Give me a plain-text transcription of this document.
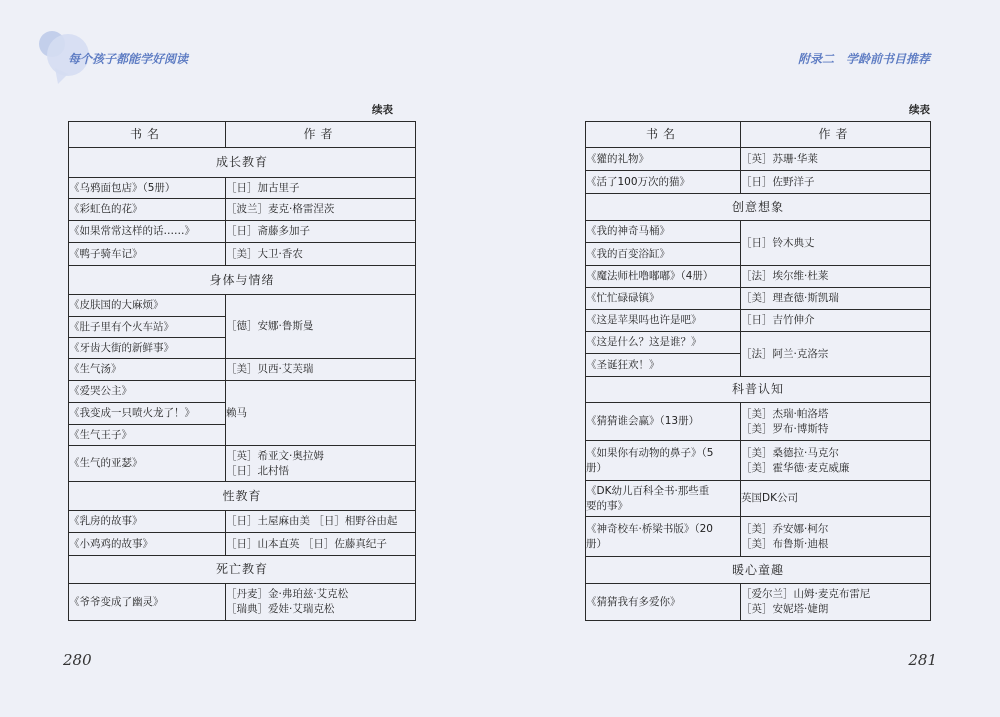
每个孩子都能学好阅读
续表
书名	作者
成长教育	
《乌鸦面包店》（5册）	［日］加古里子
《彩虹色的花》	［波兰］麦克·格雷涅茨
《如果常常这样的话……》	［日］斋藤多加子
《鸭子骑车记》	［美］大卫·香农
身体与情绪	
《皮肤国的大麻烦》	［德］安娜·鲁斯曼
《肚子里有个火车站》	
《牙齿大街的新鲜事》	
《生气汤》	［美］贝西·艾芙瑞
《爱哭公主》	赖马
《我变成一只喷火龙了！》	
《生气王子》	
《生气的亚瑟》	［英］希亚文·奥拉姆
［日］北村悟

性教育	
《乳房的故事》	［日］土屋麻由美 ［日］相野谷由起
《小鸡鸡的故事》	［日］山本直英 ［日］佐藤真纪子
死亡教育	
《爷爷变成了幽灵》	［丹麦］金·弗珀兹·艾克松
［瑞典］爱娃·艾瑞克松
280
附录二　学龄前书目推荐
续表
书名	作者
《獾的礼物》	［英］苏珊·华莱
《活了100万次的猫》	［日］佐野洋子
创意想象	
《我的神奇马桶》	［日］铃木典丈
《我的百变浴缸》	
《魔法师杜噜嘟嘟》（4册）	［法］埃尔维·杜莱
《忙忙碌碌镇》	［美］理查德·斯凯瑞
《这是苹果吗也许是吧》	［日］吉竹伸介
《这是什么？这是谁？》	［法］阿兰·克洛宗
《圣诞狂欢！》	
科普认知	
《猜猜谁会赢》（13册）	［美］杰瑞·帕洛塔
［美］罗布·博斯特

《如果你有动物的鼻子》（5册）	［美］桑德拉·马克尔
［美］霍华德·麦克威廉

《DK幼儿百科全书·那些重要的事》	英国DK公司

《神奇校车·桥梁书版》（20册）	［美］乔安娜·柯尔
［美］布鲁斯·迪根

暖心童趣	
《猜猜我有多爱你》	［爱尔兰］山姆·麦克布雷尼
［英］安妮塔·婕朗
281
